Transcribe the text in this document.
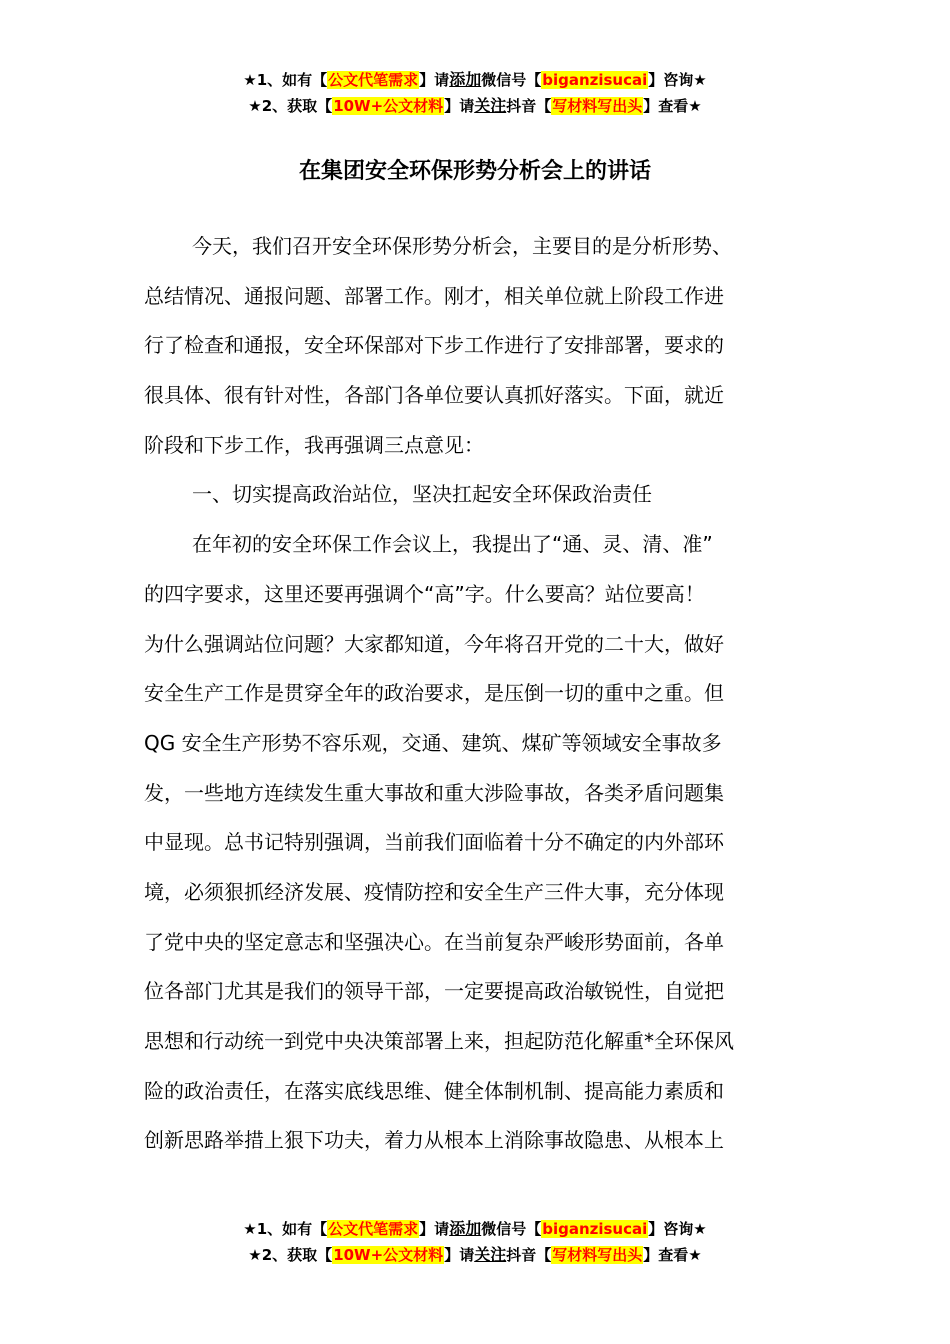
★1、如有【公文代笔需求】请添加微信号【biganzisucai】咨询★
★2、获取【10W+公文材料】请关注抖音【写材料写出头】查看★
在集团安全环保形势分析会上的讲话
今天，我们召开安全环保形势分析会，主要目的是分析形势、
总结情况、通报问题、部署工作。刚才，相关单位就上阶段工作进
行了检查和通报，安全环保部对下步工作进行了安排部署，要求的
很具体、很有针对性，各部门各单位要认真抓好落实。下面，就近
阶段和下步工作，我再强调三点意见：
一、切实提高政治站位，坚决扛起安全环保政治责任
在年初的安全环保工作会议上，我提出了“通、灵、清、准”
的四字要求，这里还要再强调个“高”字。什么要高？站位要高！
为什么强调站位问题？大家都知道，今年将召开党的二十大，做好
安全生产工作是贯穿全年的政治要求，是压倒一切的重中之重。但
QG 安全生产形势不容乐观，交通、建筑、煤矿等领域安全事故多
发，一些地方连续发生重大事故和重大涉险事故，各类矛盾问题集
中显现。总书记特别强调，当前我们面临着十分不确定的内外部环
境，必须狠抓经济发展、疫情防控和安全生产三件大事，充分体现
了党中央的坚定意志和坚强决心。在当前复杂严峻形势面前，各单
位各部门尤其是我们的领导干部，一定要提高政治敏锐性，自觉把
思想和行动统一到党中央决策部署上来，担起防范化解重*全环保风
险的政治责任，在落实底线思维、健全体制机制、提高能力素质和
创新思路举措上狠下功夫，着力从根本上消除事故隐患、从根本上
★1、如有【公文代笔需求】请添加微信号【biganzisucai】咨询★
★2、获取【10W+公文材料】请关注抖音【写材料写出头】查看★
